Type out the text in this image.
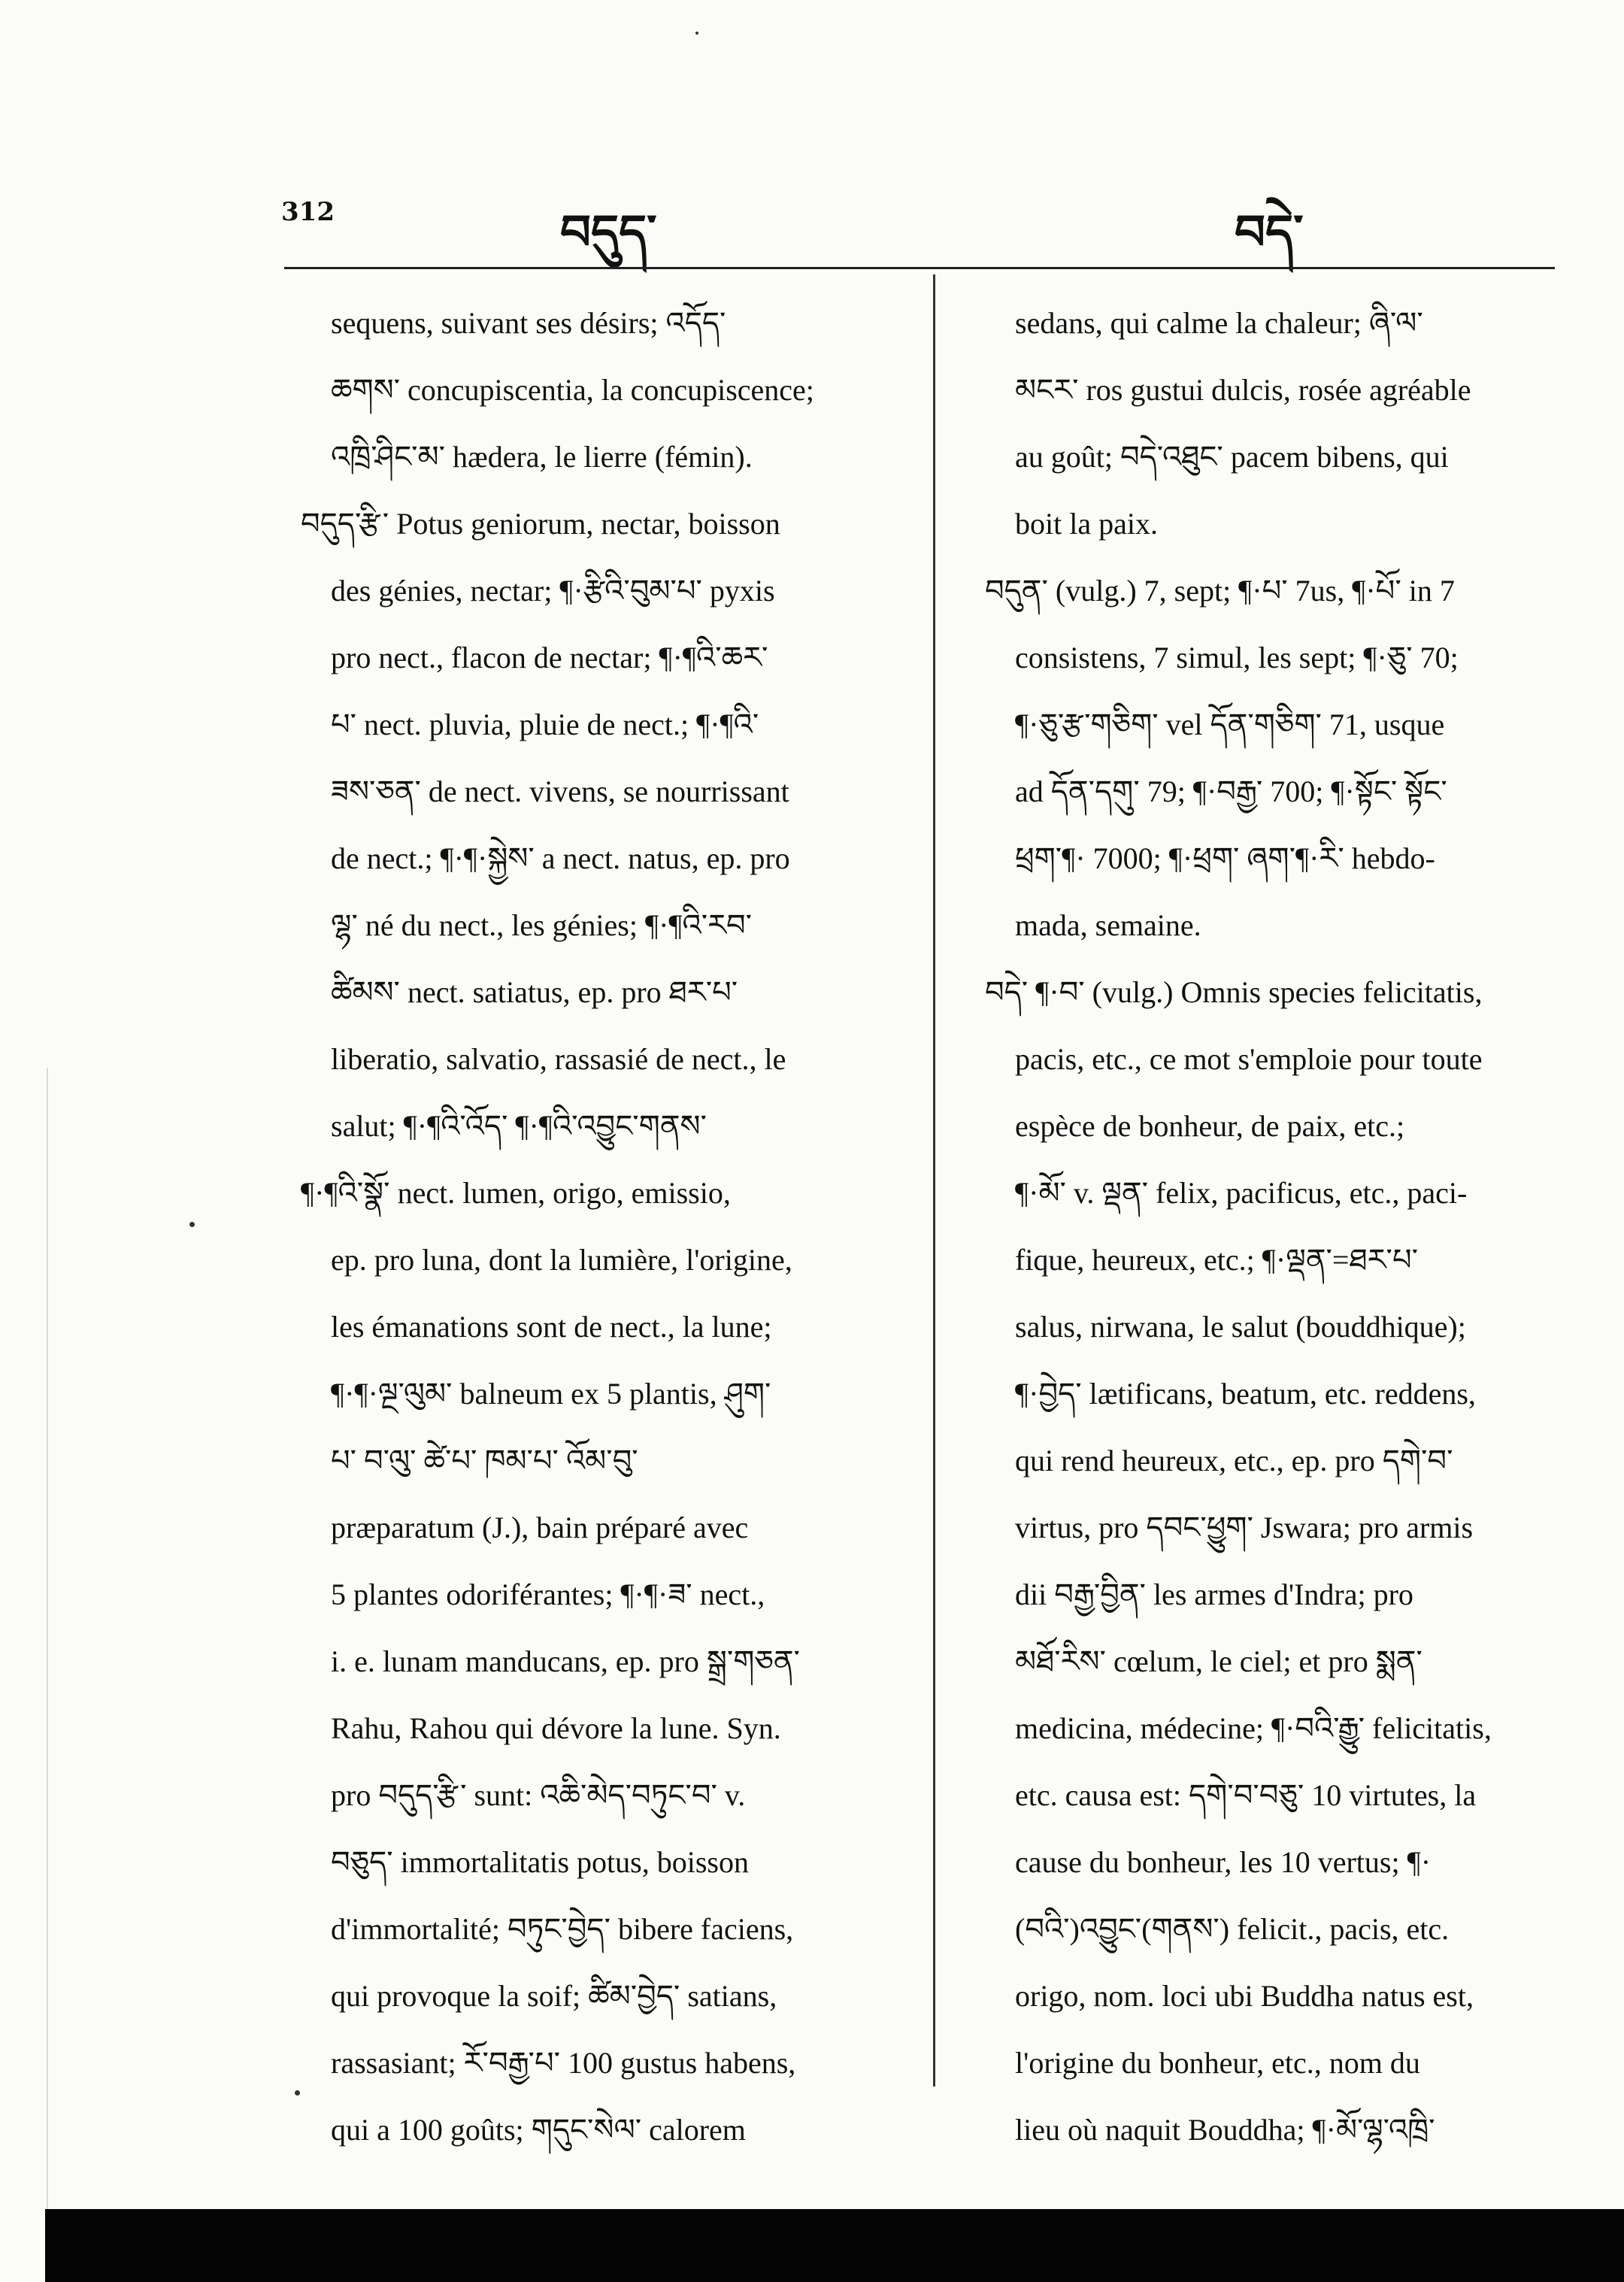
312	བདུད་	བདེ་
sequens, suivant ses désirs; འདོད་
ཆགས་ concupiscentia, la concupiscence;
འཁྲི་ཤིང་མ་ hædera, le lierre (fémin).
བདུད་རྩི་ Potus geniorum, nectar, boisson
des génies, nectar; ¶·རྩིའི་བུམ་པ་ pyxis
pro nect., flacon de nectar; ¶·¶འི་ཆར་
པ་ nect. pluvia, pluie de nect.; ¶·¶འི་
ཟས་ཅན་ de nect. vivens, se nourrissant
de nect.; ¶·¶·སྐྱེས་ a nect. natus, ep. pro
ལྷ་ né du nect., les génies; ¶·¶འི་རབ་
ཚིམས་ nect. satiatus, ep. pro ཐར་པ་
liberatio, salvatio, rassasié de nect., le
salut; ¶·¶འི་འོད་ ¶·¶འི་འབྱུང་གནས་
¶·¶འི་སྣོ་ nect. lumen, origo, emissio,
ep. pro luna, dont la lumière, l'origine,
les émanations sont de nect., la lune;
¶·¶·ལྔ་ལུམ་ balneum ex 5 plantis, ཤུག་
པ་ བ་ལུ་ ཚེ་པ་ ཁམ་པ་ འོམ་བུ་
præparatum (J.), bain préparé avec
5 plantes odoriférantes; ¶·¶·ཟ་ nect.,
i. e. lunam manducans, ep. pro སྒྲ་གཅན་
Rahu, Rahou qui dévore la lune. Syn.
pro བདུད་རྩི་ sunt: འཆི་མེད་བཏུང་བ་ v.
བཅུད་ immortalitatis potus, boisson
d'immortalité; བཏུང་བྱེད་ bibere faciens,
qui provoque la soif; ཚིམ་བྱེད་ satians,
rassasiant; རོ་བརྒྱ་པ་ 100 gustus habens,
qui a 100 goûts; གདུང་སེལ་ calorem
sedans, qui calme la chaleur; ཞི་ལ་
མངར་ ros gustui dulcis, rosée agréable
au goût; བདེ་འཐུང་ pacem bibens, qui
boit la paix.
བདུན་ (vulg.) 7, sept; ¶·པ་ 7us, ¶·པོ་ in 7
consistens, 7 simul, les sept; ¶·ཅུ་ 70;
¶·ཅུ་རྩ་གཅིག་ vel དོན་གཅིག་ 71, usque
ad དོན་དགུ་ 79; ¶·བརྒྱ་ 700; ¶·སྟོང་ སྟོང་
ཕྲག་¶· 7000; ¶·ཕྲག་ ཞག་¶·རི་ hebdo-
mada, semaine.
བདེ་ ¶·བ་ (vulg.) Omnis species felicitatis,
pacis, etc., ce mot s'emploie pour toute
espèce de bonheur, de paix, etc.;
¶·མོ་ v. ལྡན་ felix, pacificus, etc., paci-
fique, heureux, etc.; ¶·ལྡན་=ཐར་པ་
salus, nirwana, le salut (bouddhique);
¶·བྱེད་ lætificans, beatum, etc. reddens,
qui rend heureux, etc., ep. pro དགེ་བ་
virtus, pro དབང་ཕྱུག་ Jswara; pro armis
dii བརྒྱ་བྱིན་ les armes d'Indra; pro
མཐོ་རིས་ cœlum, le ciel; et pro སྨན་
medicina, médecine; ¶·བའི་རྒྱུ་ felicitatis,
etc. causa est: དགེ་བ་བཅུ་ 10 virtutes, la
cause du bonheur, les 10 vertus; ¶·
(བའི་)འབྱུང་(གནས་) felicit., pacis, etc.
origo, nom. loci ubi Buddha natus est,
l'origine du bonheur, etc., nom du
lieu où naquit Bouddha; ¶·མོ་ལྷ་འཁྲི་
